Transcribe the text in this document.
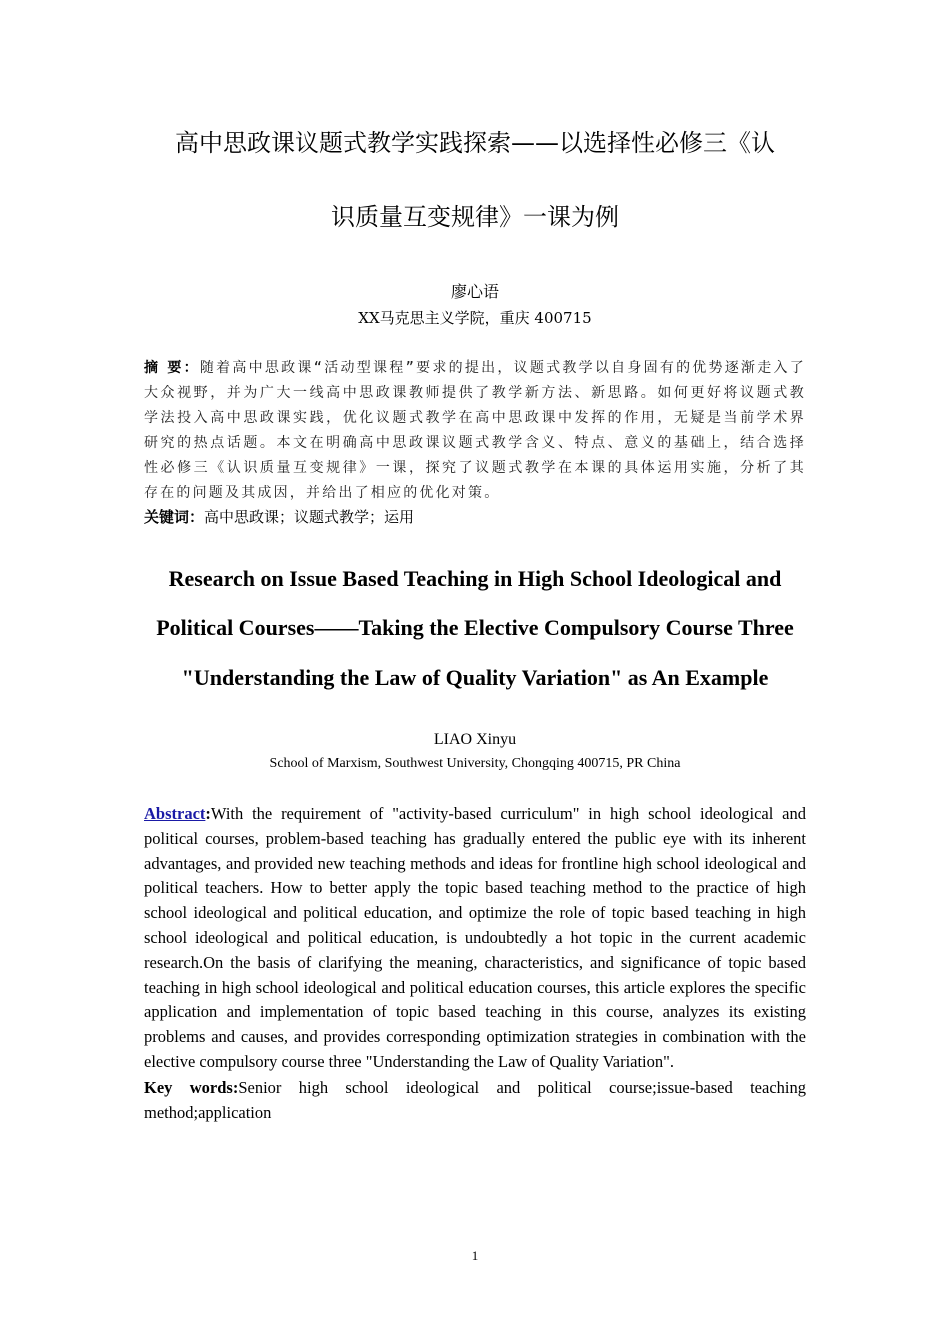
高中思政课议题式教学实践探索——以选择性必修三《认
识质量互变规律》一课为例

廖心语

XX马克思主义学院，重庆 400715

摘 要：随着高中思政课“活动型课程”要求的提出，议题式教学以自身固有的优势逐渐走入了大众视野，并为广大一线高中思政课教师提供了教学新方法、新思路。如何更好将议题式教学法投入高中思政课实践，优化议题式教学在高中思政课中发挥的作用，无疑是当前学术界研究的热点话题。本文在明确高中思政课议题式教学含义、特点、意义的基础上，结合选择性必修三《认识质量互变规律》一课，探究了议题式教学在本课的具体运用实施，分析了其存在的问题及其成因，并给出了相应的优化对策。

关键词：高中思政课；议题式教学；运用

Research on Issue Based Teaching in High School Ideological and
Political Courses——Taking the Elective Compulsory Course Three
"Understanding the Law of Quality Variation" as An Example

LIAO Xinyu

School of Marxism, Southwest University, Chongqing 400715, PR China

Abstract:With the requirement of "activity-based curriculum" in high school ideological and political courses, problem-based teaching has gradually entered the public eye with its inherent advantages, and provided new teaching methods and ideas for frontline high school ideological and political teachers. How to better apply the topic based teaching method to the practice of high school ideological and political education, and optimize the role of topic based teaching in high school ideological and political education, is undoubtedly a hot topic in the current academic research.On the basis of clarifying the meaning, characteristics, and significance of topic based teaching in high school ideological and political education courses, this article explores the specific application and implementation of topic based teaching in this course, analyzes its existing problems and causes, and provides corresponding optimization strategies in combination with the elective compulsory course three "Understanding the Law of Quality Variation".

Key words:Senior high school ideological and political course;issue-based teaching method;application

1
